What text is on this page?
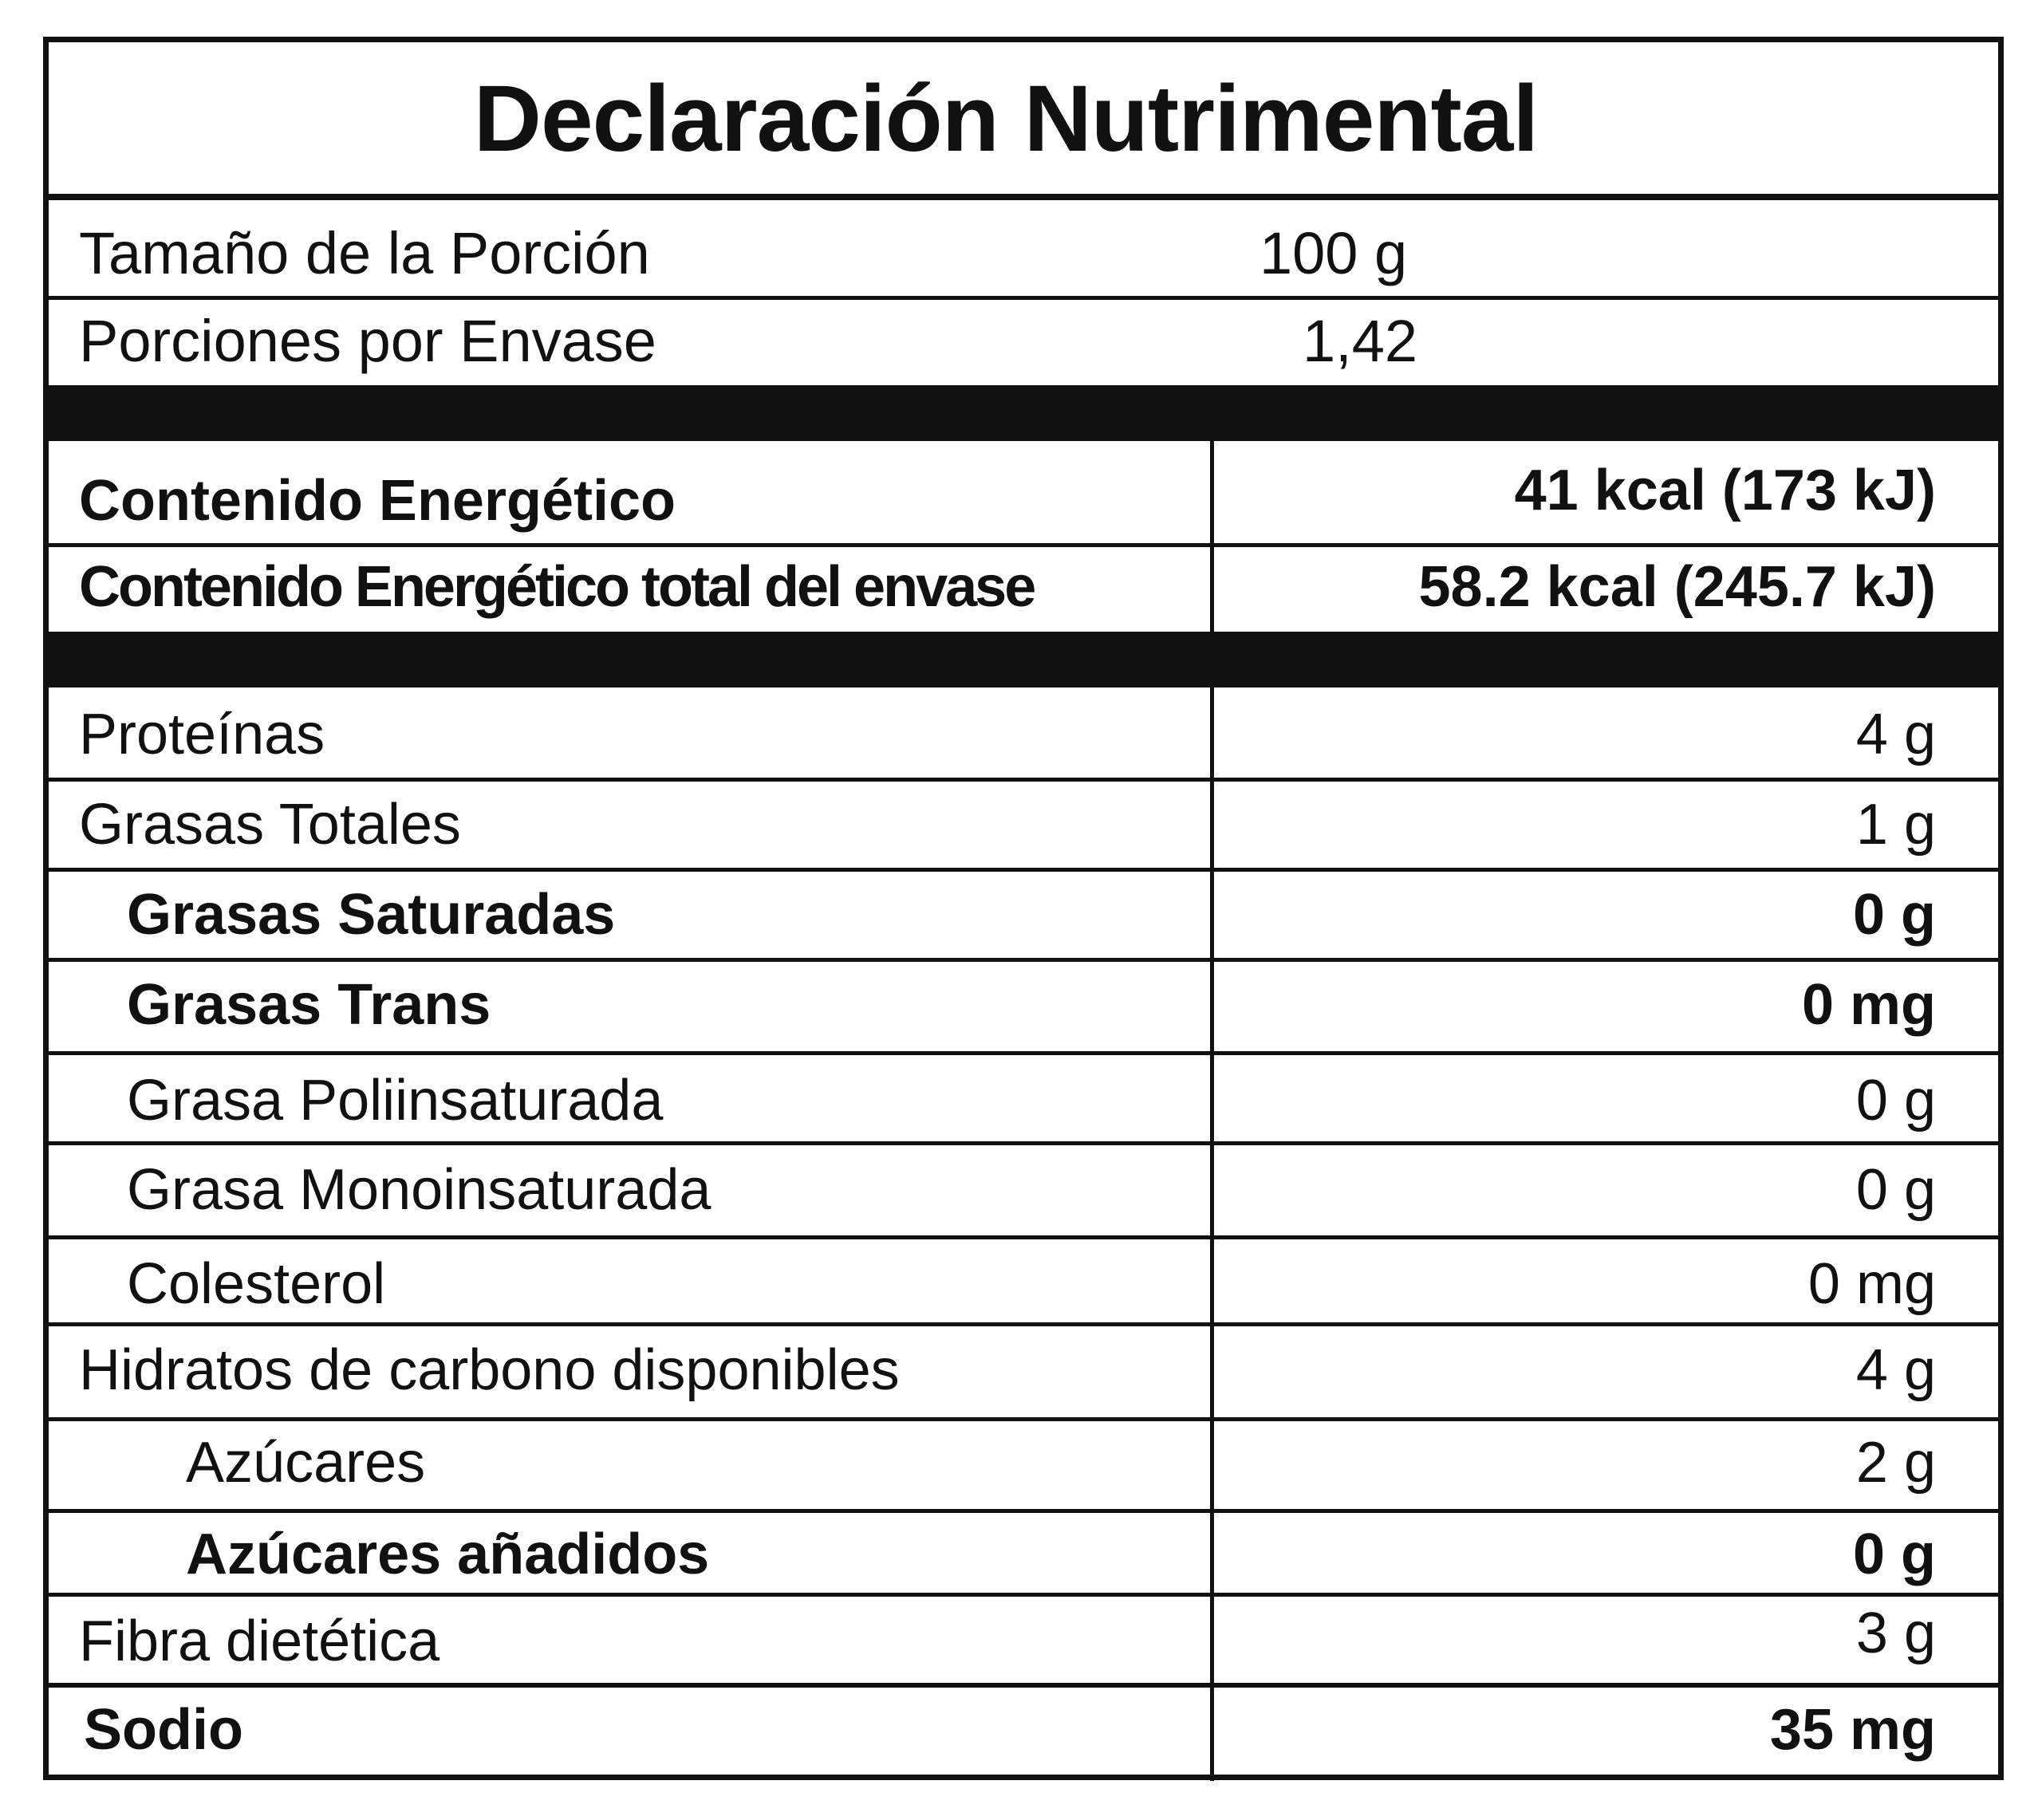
Declaración Nutrimental
Tamaño de la Porción	100 g
Porciones por Envase	1,42
Contenido Energético	41 kcal (173 kJ)
Contenido Energético total del envase	58.2 kcal (245.7 kJ)
Proteínas	4 g
Grasas Totales	1 g
Grasas Saturadas	0 g
Grasas Trans	0 mg
Grasa Poliinsaturada	0 g
Grasa Monoinsaturada	0 g
Colesterol	0 mg
Hidratos de carbono disponibles	4 g
Azúcares	2 g
Azúcares añadidos	0 g
Fibra dietética	3 g
Sodio	35 mg
